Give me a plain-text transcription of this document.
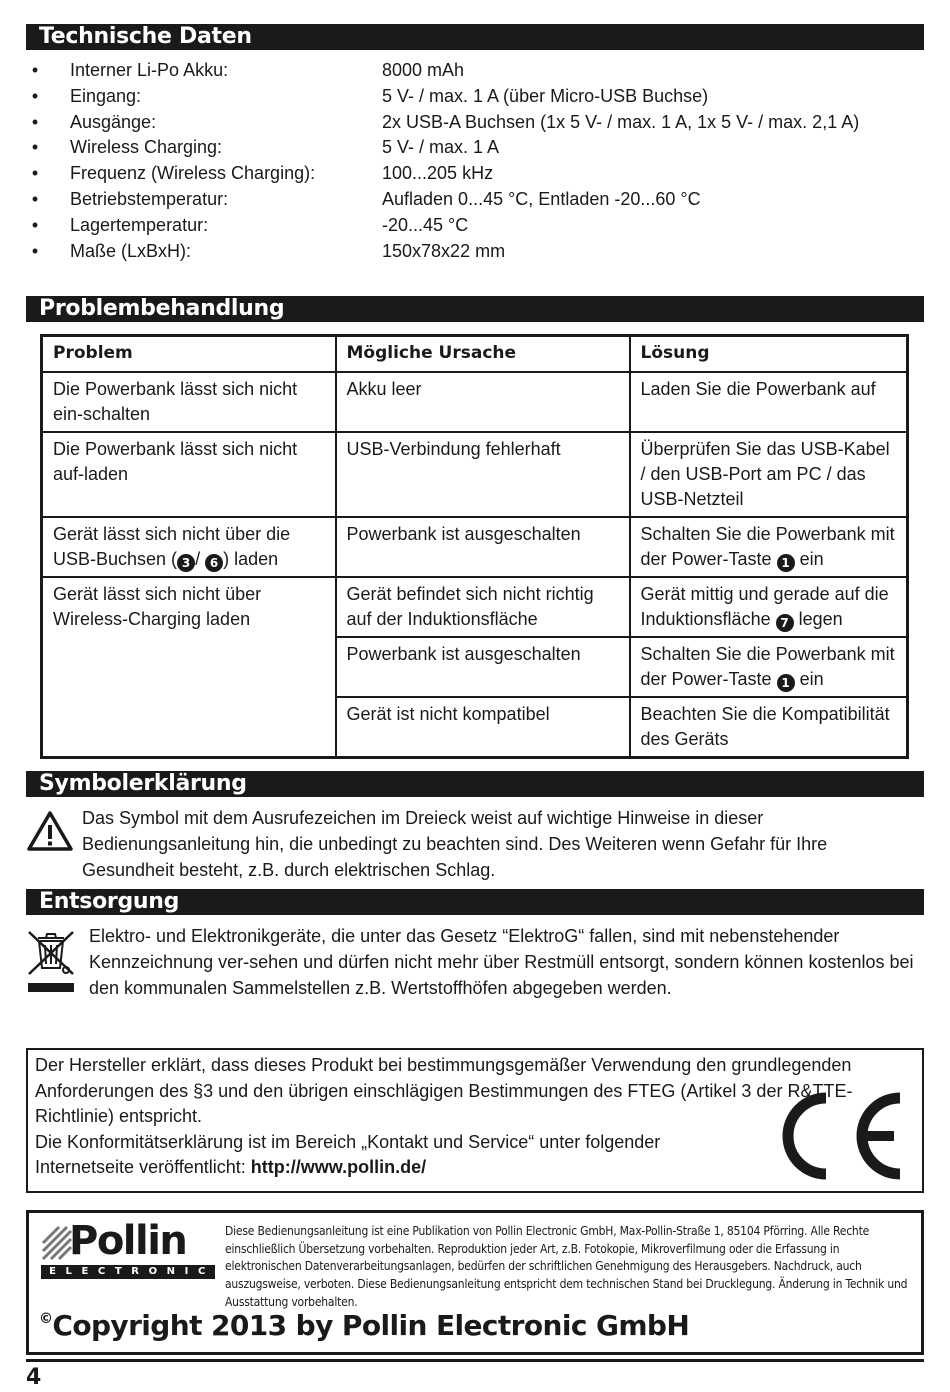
Technische Daten
• Interner Li-Po Akku:	8000 mAh
• Eingang:	5 V- / max. 1 A (über Micro-USB Buchse)
• Ausgänge:	2x USB-A Buchsen (1x 5 V- / max. 1 A, 1x 5 V- / max. 2,1 A)
• Wireless Charging:	5 V- / max. 1 A
• Frequenz (Wireless Charging):	100...205 kHz
• Betriebstemperatur:	Aufladen 0...45 °C, Entladen -20...60 °C
• Lagertemperatur:	-20...45 °C
• Maße (LxBxH):	150x78x22 mm
Problembehandlung
Problem	Mögliche Ursache	Lösung
Die Powerbank lässt sich nicht ein-schalten	Akku leer	Laden Sie die Powerbank auf
Die Powerbank lässt sich nicht auf-laden	USB-Verbindung fehlerhaft	Überprüfen Sie das USB-Kabel / den USB-Port am PC / das USB-Netzteil
Gerät lässt sich nicht über die USB-Buchsen ( 3 / 6 ) laden	Powerbank ist ausgeschalten	Schalten Sie die Powerbank mit der Power-Taste 1 ein
Gerät lässt sich nicht über Wireless-Charging laden	Gerät befindet sich nicht richtig auf der Induktionsfläche	Gerät mittig und gerade auf die Induktionsfläche 7 legen
	Powerbank ist ausgeschalten	Schalten Sie die Powerbank mit der Power-Taste 1 ein
	Gerät ist nicht kompatibel	Beachten Sie die Kompatibilität des Geräts
Symbolerklärung
Das Symbol mit dem Ausrufezeichen im Dreieck weist auf wichtige Hinweise in dieser Bedienungsanleitung hin, die unbedingt zu beachten sind. Des Weiteren wenn Gefahr für Ihre Gesundheit besteht, z.B. durch elektrischen Schlag.
Entsorgung
Elektro- und Elektronikgeräte, die unter das Gesetz “ElektroG“ fallen, sind mit nebenstehender Kennzeichnung ver-sehen und dürfen nicht mehr über Restmüll entsorgt, sondern können kostenlos bei den kommunalen Sammelstellen z.B. Wertstoffhöfen abgegeben werden.
Der Hersteller erklärt, dass dieses Produkt bei bestimmungsgemäßer Verwendung den grundlegenden Anforderungen des §3 und den übrigen einschlägigen Bestimmungen des FTEG (Artikel 3 der R&TTE-Richtlinie) entspricht.
Die Konformitätserklärung ist im Bereich „Kontakt und Service“ unter folgender Internetseite veröffentlicht: http://www.pollin.de/
Pollin
ELECTRONIC
Diese Bedienungsanleitung ist eine Publikation von Pollin Electronic GmbH, Max-Pollin-Straße 1, 85104 Pförring. Alle Rechte einschließlich Übersetzung vorbehalten. Reproduktion jeder Art, z.B. Fotokopie, Mikroverfilmung oder die Erfassung in elektronischen Datenverarbeitungsanlagen, bedürfen der schriftlichen Genehmigung des Herausgebers. Nachdruck, auch auszugsweise, verboten. Diese Bedienungsanleitung entspricht dem technischen Stand bei Drucklegung. Änderung in Technik und Ausstattung vorbehalten.
©Copyright 2013 by Pollin Electronic GmbH
4
